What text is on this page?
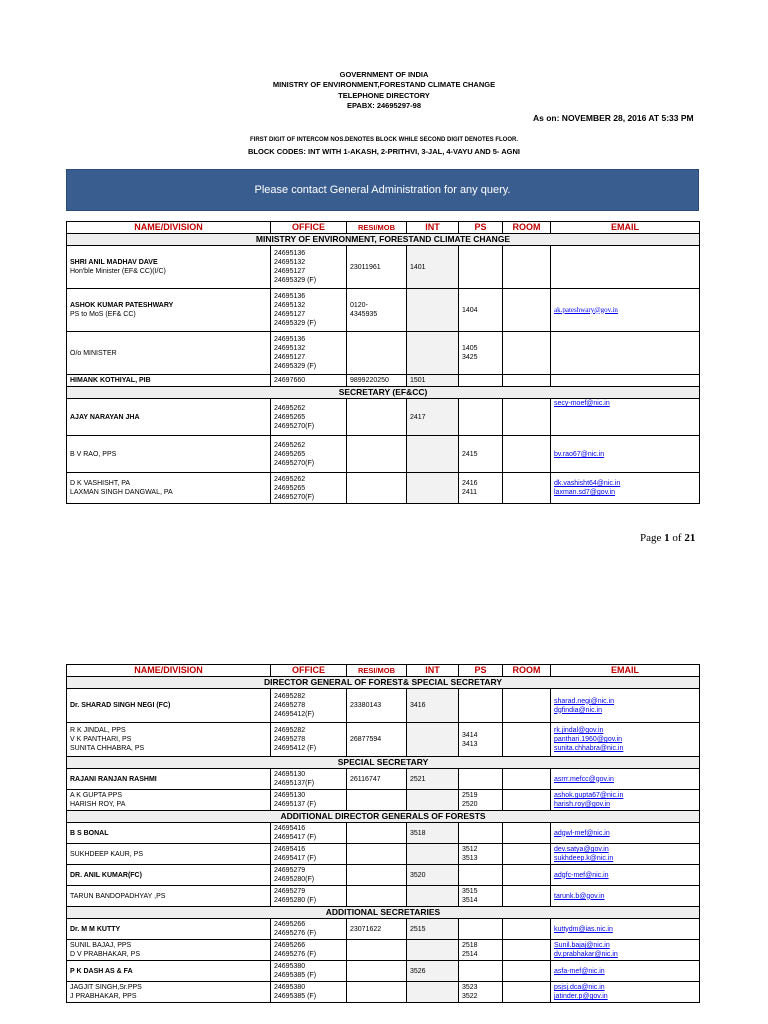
GOVERNMENT OF INDIA
MINISTRY OF ENVIRONMENT,FORESTAND CLIMATE CHANGE
TELEPHONE DIRECTORY
EPABX: 24695297-98
As on: NOVEMBER 28, 2016 AT 5:33 PM
FIRST DIGIT OF INTERCOM NOS.DENOTES BLOCK WHILE SECOND DIGIT DENOTES FLOOR.
BLOCK CODES: INT WITH 1-AKASH, 2-PRITHVI, 3-JAL, 4-VAYU AND 5- AGNI
Please contact General Administration for any query.
NAME/DIVISION	OFFICE	RESI/MOB	INT	PS	ROOM	EMAIL
MINISTRY OF ENVIRONMENT, FORESTAND CLIMATE CHANGE						

SHRI ANIL MADHAV DAVE
Hon'ble Minister (EF& CC)(I/C)	24695136
24695132
24695127
24695329 (F)	23011961	1401			

ASHOK KUMAR PATESHWARY
PS to MoS (EF& CC)	24695136
24695132
24695127
24695329 (F)	0120-
4345935		1404		ak.pateshwary@gov.in

O/o MINISTER	24695136
24695132
24695127
24695329 (F)			1405
3425		

HIMANK KOTHIYAL, PIB	24697660	9899220250	1501			
SECRETARY (EF&CC)						

AJAY NARAYAN JHA	24695262
24695265
24695270(F)		2417			secy-moef@nic.in

B V RAO, PPS	24695262
24695265
24695270(F)			2415		bv.rao67@nic.in

D K VASHISHT, PA
LAXMAN SINGH DANGWAL, PA	24695262
24695265
24695270(F)			2416
2411		dk.vashisht64@nic.in
laxman.sd7@gov.in
Page 1 of 21
NAME/DIVISION	OFFICE	RESI/MOB	INT	PS	ROOM	EMAIL
DIRECTOR GENERAL OF FOREST& SPECIAL SECRETARY						

Dr. SHARAD SINGH NEGI (FC)	24695282
24695278
24695412(F)	23380143	3416			sharad.negi@nic.in
dgfindia@nic.in

R K JINDAL, PPS
V K PANTHARI, PS
SUNITA CHHABRA, PS	24695282
24695278
24695412 (F)	26877594		3414
3413		rk.jindal@gov.in
panthari.1960@gov.in
sunita.chhabra@nic.in

SPECIAL SECRETARY						

RAJANI RANJAN RASHMI	24695130
24695137(F)	26116747	2521			asrrr.mefcc@gov.in

A K GUPTA PPS
HARISH ROY, PA	24695130
24695137 (F)			2519
2520		ashok.gupta67@nic.in
harish.roy@gov.in

ADDITIONAL DIRECTOR GENERALS OF FORESTS						

B S BONAL	24695416
24695417 (F)		3518			adgwl-mef@nic.in

SUKHDEEP KAUR, PS	24695416
24695417 (F)			3512
3513		dev.satya@gov.in
sukhdeep.k@nic.in

DR. ANIL KUMAR(FC)	24695279
24695280(F)		3520			adgfc-mef@nic.in

TARUN BANDOPADHYAY ,PS	24695279
24695280 (F)			3515
3514		tarunk.b@gov.in

ADDITIONAL SECRETARIES						

Dr. M M KUTTY	24695266
24695276 (F)	23071622	2515			kuttydm@ias.nic.in

SUNIL BAJAJ, PPS
D V PRABHAKAR, PS	24695266
24695276 (F)			2518
2514		Sunil.bajaj@nic.in
dv.prabhakar@nic.in

P K DASH AS & FA	24695380
24695385 (F)		3526			asfa-mef@nic.in

JAGJIT SINGH,Sr.PPS
J PRABHAKAR, PPS	24695380
24695385 (F)			3523
3522		psjsj.dca@nic.in
jatinder.p@gov.in
